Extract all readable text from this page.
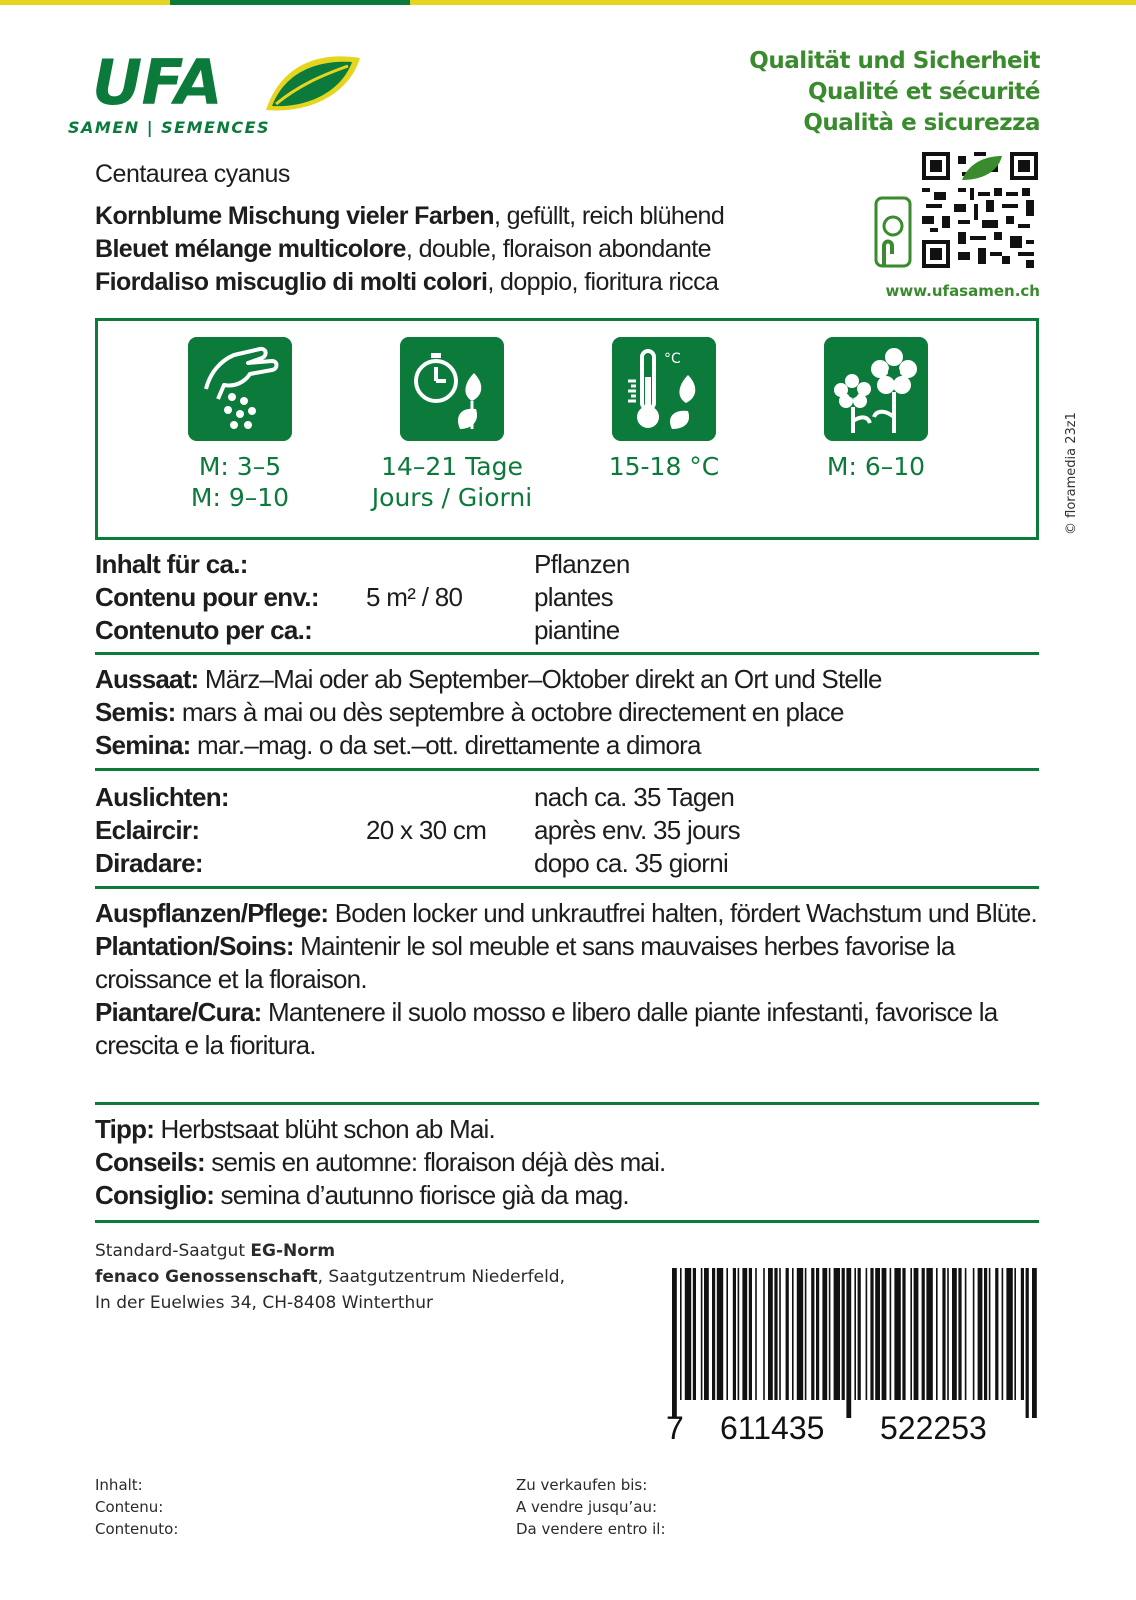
UFA
SAMEN | SEMENCES
Qualität und Sicherheit
Qualité et sécurité
Qualità e sicurezza
www.ufasamen.ch
Centaurea cyanus
Kornblume Mischung vieler Farben, gefüllt, reich blühend
Bleuet mélange multicolore, double, floraison abondante
Fiordaliso miscuglio di molti colori, doppio, fioritura ricca
© floramedia 23z1
M: 3–5
M: 9–10
14–21 Tage
Jours / Giorni
°C
15-18 °C	M: 6–10
Inhalt für ca.:
Contenu pour env.:
Contenuto per ca.:
5 m² / 80
Pflanzen
plantes
piantine

Aussaat: März–Mai oder ab September–Oktober direkt an Ort und Stelle

Semis: mars à mai ou dès septembre à octobre directement en place

Semina: mar.–mag. o da set.–ott. direttamente a dimora

Auslichten:
Eclaircir:
Diradare:
20 x 30 cm
nach ca. 35 Tagen
après env. 35 jours
dopo ca. 35 giorni

Auspflanzen/Pflege: Boden locker und unkrautfrei halten, fördert Wachstum und Blüte.

Plantation/Soins: Maintenir le sol meuble et sans mauvaises herbes favorise la croissance et la floraison.

Piantare/Cura: Mantenere il suolo mosso e libero dalle piante infestanti, favorisce la crescita e la fioritura.

Tipp: Herbstsaat blüht schon ab Mai.

Conseils: semis en automne: floraison déjà dès mai.

Consiglio: semina d’autunno fiorisce già da mag.

Standard-Saatgut EG-Norm
fenaco Genossenschaft, Saatgutzentrum Niederfeld,
In der Euelwies 34, CH-8408 Winterthur
7 611435 522253
Inhalt:
Contenu:
Contenuto:
Zu verkaufen bis:
A vendre jusqu’au:
Da vendere entro il:
